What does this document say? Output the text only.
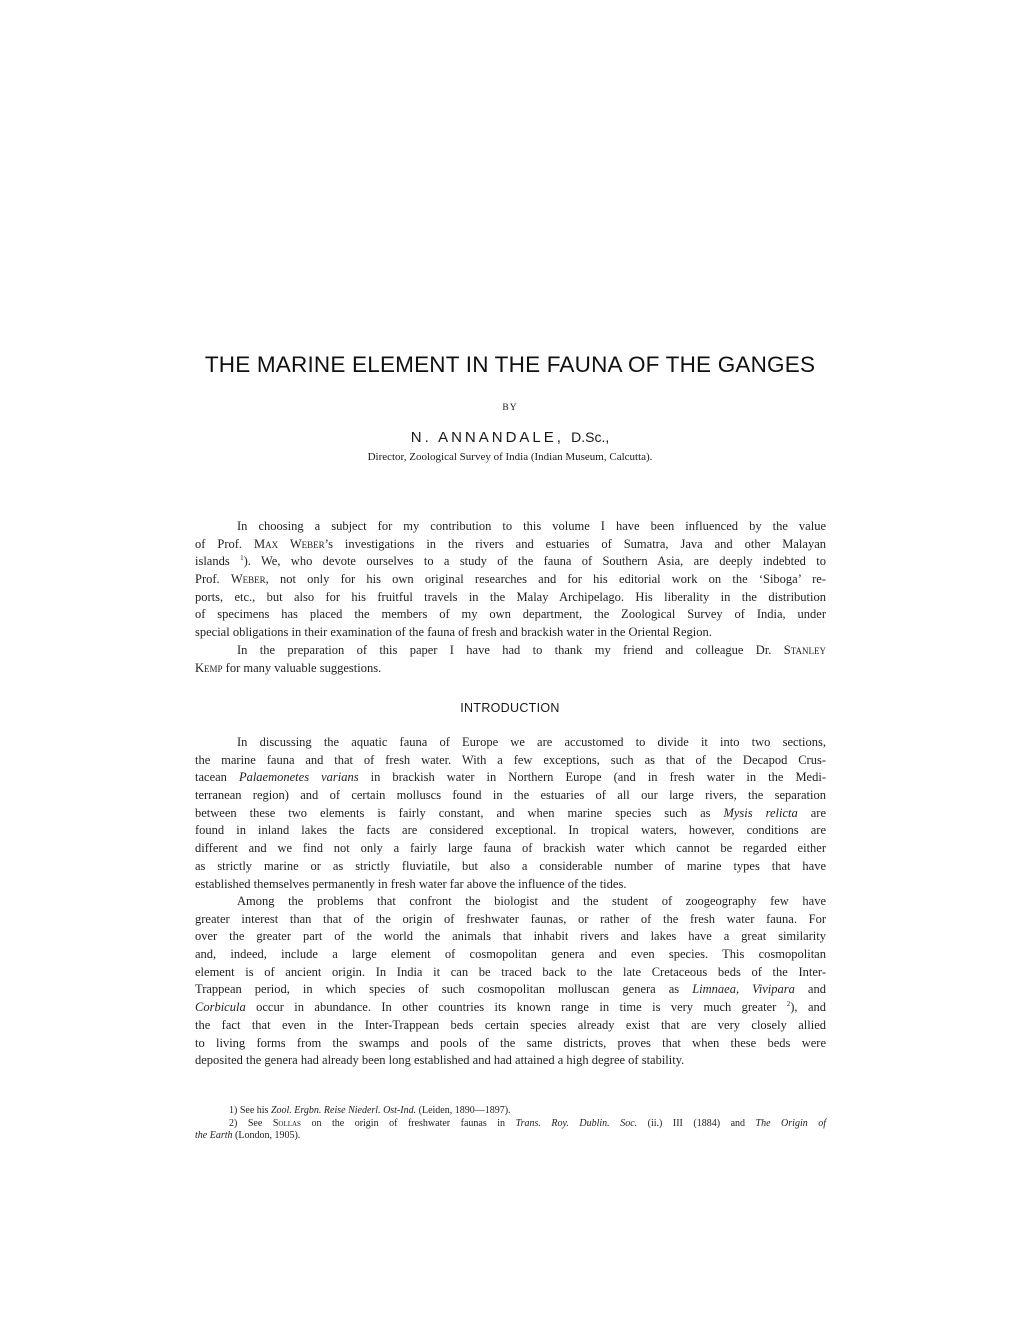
THE MARINE ELEMENT IN THE FAUNA OF THE GANGES
BY
N. ANNANDALE, D.Sc.,
Director, Zoological Survey of India (Indian Museum, Calcutta).
In choosing a subject for my contribution to this volume I have been influenced by the value
of Prof. Max Weber’s investigations in the rivers and estuaries of Sumatra, Java and other Malayan
islands $^1$). We, who devote ourselves to a study of the fauna of Southern Asia, are deeply indebted to
Prof. Weber, not only for his own original researches and for his editorial work on the ‘Siboga’ re-
ports, etc., but also for his fruitful travels in the Malay Archipelago. His liberality in the distribution
of specimens has placed the members of my own department, the Zoological Survey of India, under
special obligations in their examination of the fauna of fresh and brackish water in the Oriental Region.
In the preparation of this paper I have had to thank my friend and colleague Dr. Stanley
Kemp for many valuable suggestions.
INTRODUCTION
In discussing the aquatic fauna of Europe we are accustomed to divide it into two sections,
the marine fauna and that of fresh water. With a few exceptions, such as that of the Decapod Crus-
tacean Palaemonetes varians in brackish water in Northern Europe (and in fresh water in the Medi-
terranean region) and of certain molluscs found in the estuaries of all our large rivers, the separation
between these two elements is fairly constant, and when marine species such as Mysis relicta are
found in inland lakes the facts are considered exceptional. In tropical waters, however, conditions are
different and we find not only a fairly large fauna of brackish water which cannot be regarded either
as strictly marine or as strictly fluviatile, but also a considerable number of marine types that have
established themselves permanently in fresh water far above the influence of the tides.
Among the problems that confront the biologist and the student of zoogeography few have
greater interest than that of the origin of freshwater faunas, or rather of the fresh water fauna. For
over the greater part of the world the animals that inhabit rivers and lakes have a great similarity
and, indeed, include a large element of cosmopolitan genera and even species. This cosmopolitan
element is of ancient origin. In India it can be traced back to the late Cretaceous beds of the Inter-
Trappean period, in which species of such cosmopolitan molluscan genera as Limnaea, Vivipara and
Corbicula occur in abundance. In other countries its known range in time is very much greater $^2$), and
the fact that even in the Inter-Trappean beds certain species already exist that are very closely allied
to living forms from the swamps and pools of the same districts, proves that when these beds were
deposited the genera had already been long established and had attained a high degree of stability.
1) See his Zool. Ergbn. Reise Niederl. Ost-Ind. (Leiden, 1890—1897).
2) See Sollas on the origin of freshwater faunas in Trans. Roy. Dublin. Soc. (ii.) III (1884) and The Origin of
the Earth (London, 1905).
